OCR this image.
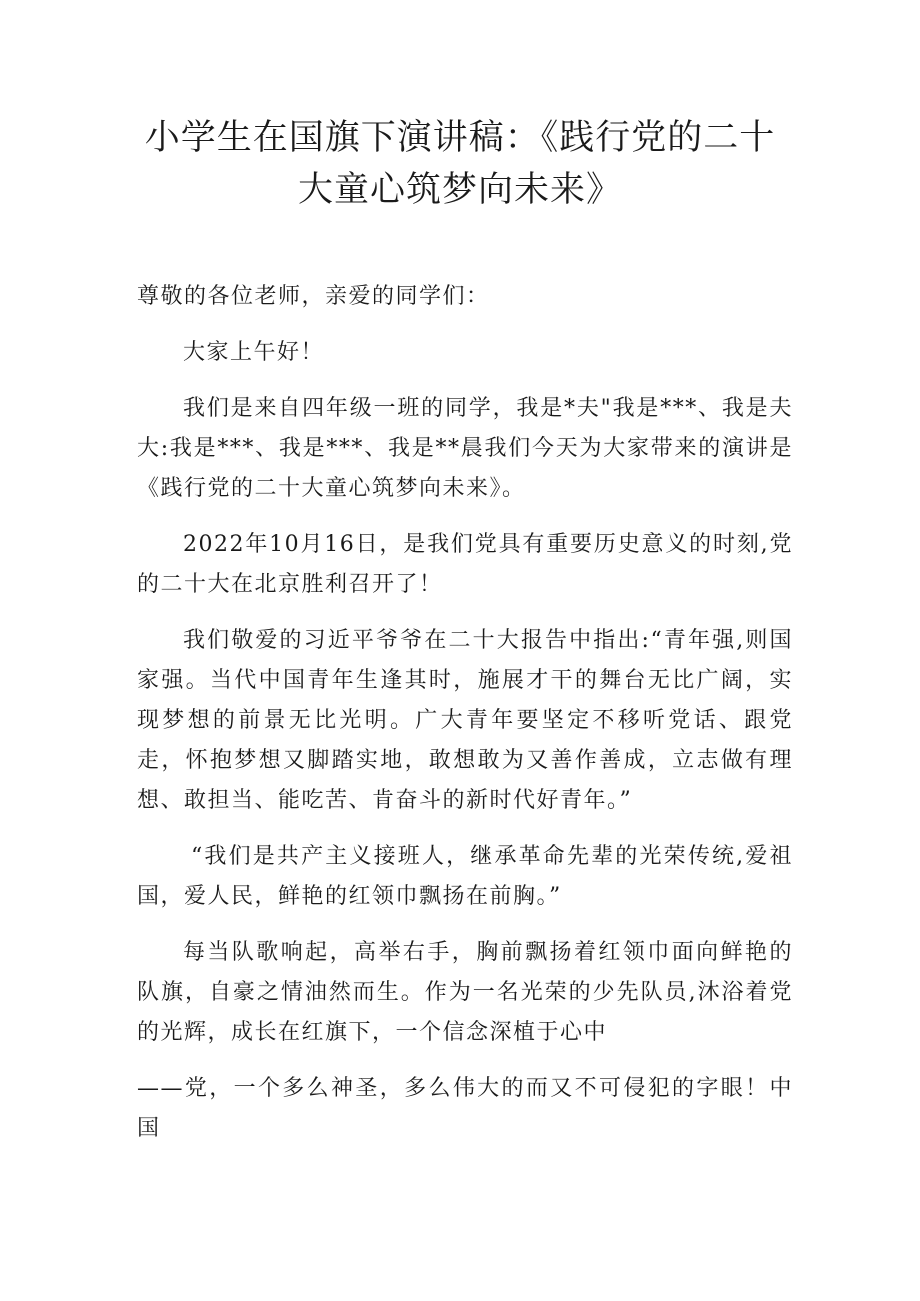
小学生在国旗下演讲稿：《践行党的二十
大童心筑梦向未来》

尊敬的各位老师，亲爱的同学们：

大家上午好！

我们是来自四年级一班的同学，我是*夫"我是***、我是夫大:我是***、我是***、我是**晨我们今天为大家带来的演讲是《践行党的二十大童心筑梦向未来》。

2022年10月16日，是我们党具有重要历史意义的时刻,党的二十大在北京胜利召开了！

我们敬爱的习近平爷爷在二十大报告中指出:“青年强,则国家强。当代中国青年生逢其时，施展才干的舞台无比广阔，实现梦想的前景无比光明。广大青年要坚定不移听党话、跟党走，怀抱梦想又脚踏实地，敢想敢为又善作善成，立志做有理想、敢担当、能吃苦、肯奋斗的新时代好青年。”

“我们是共产主义接班人，继承革命先辈的光荣传统,爱祖国，爱人民，鲜艳的红领巾飘扬在前胸。”

每当队歌响起，高举右手，胸前飘扬着红领巾面向鲜艳的队旗，自豪之情油然而生。作为一名光荣的少先队员,沐浴着党的光辉，成长在红旗下，一个信念深植于心中

——党，一个多么神圣，多么伟大的而又不可侵犯的字眼！中国
